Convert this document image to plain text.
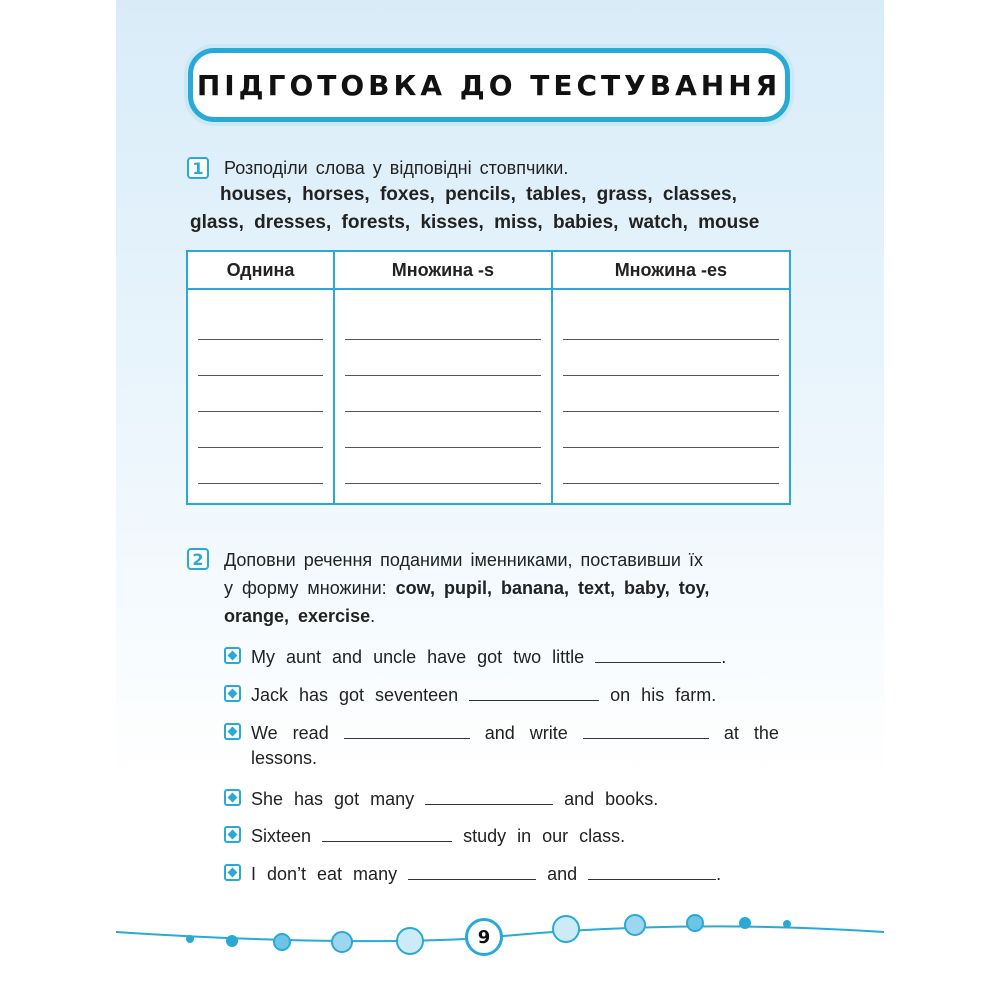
ПІДГОТОВКА ДО ТЕСТУВАННЯ
1	Розподіли слова у відповідні стовпчики.
houses, horses, foxes, pencils, tables, grass, classes,
glass, dresses, forests, kisses, miss, babies, watch, mouse
Однина	Множина -s	Множина -es

2	Доповни речення поданими іменниками, поставивши їх
у форму множини: cow, pupil, banana, text, baby, toy,
orange, exercise.
My aunt and uncle have got two little	.
Jack has got seventeen	on his farm.
We read	and write	at the
lessons.
She has got many	and books.
Sixteen	study in our class.
I don’t eat many	and	.
9
